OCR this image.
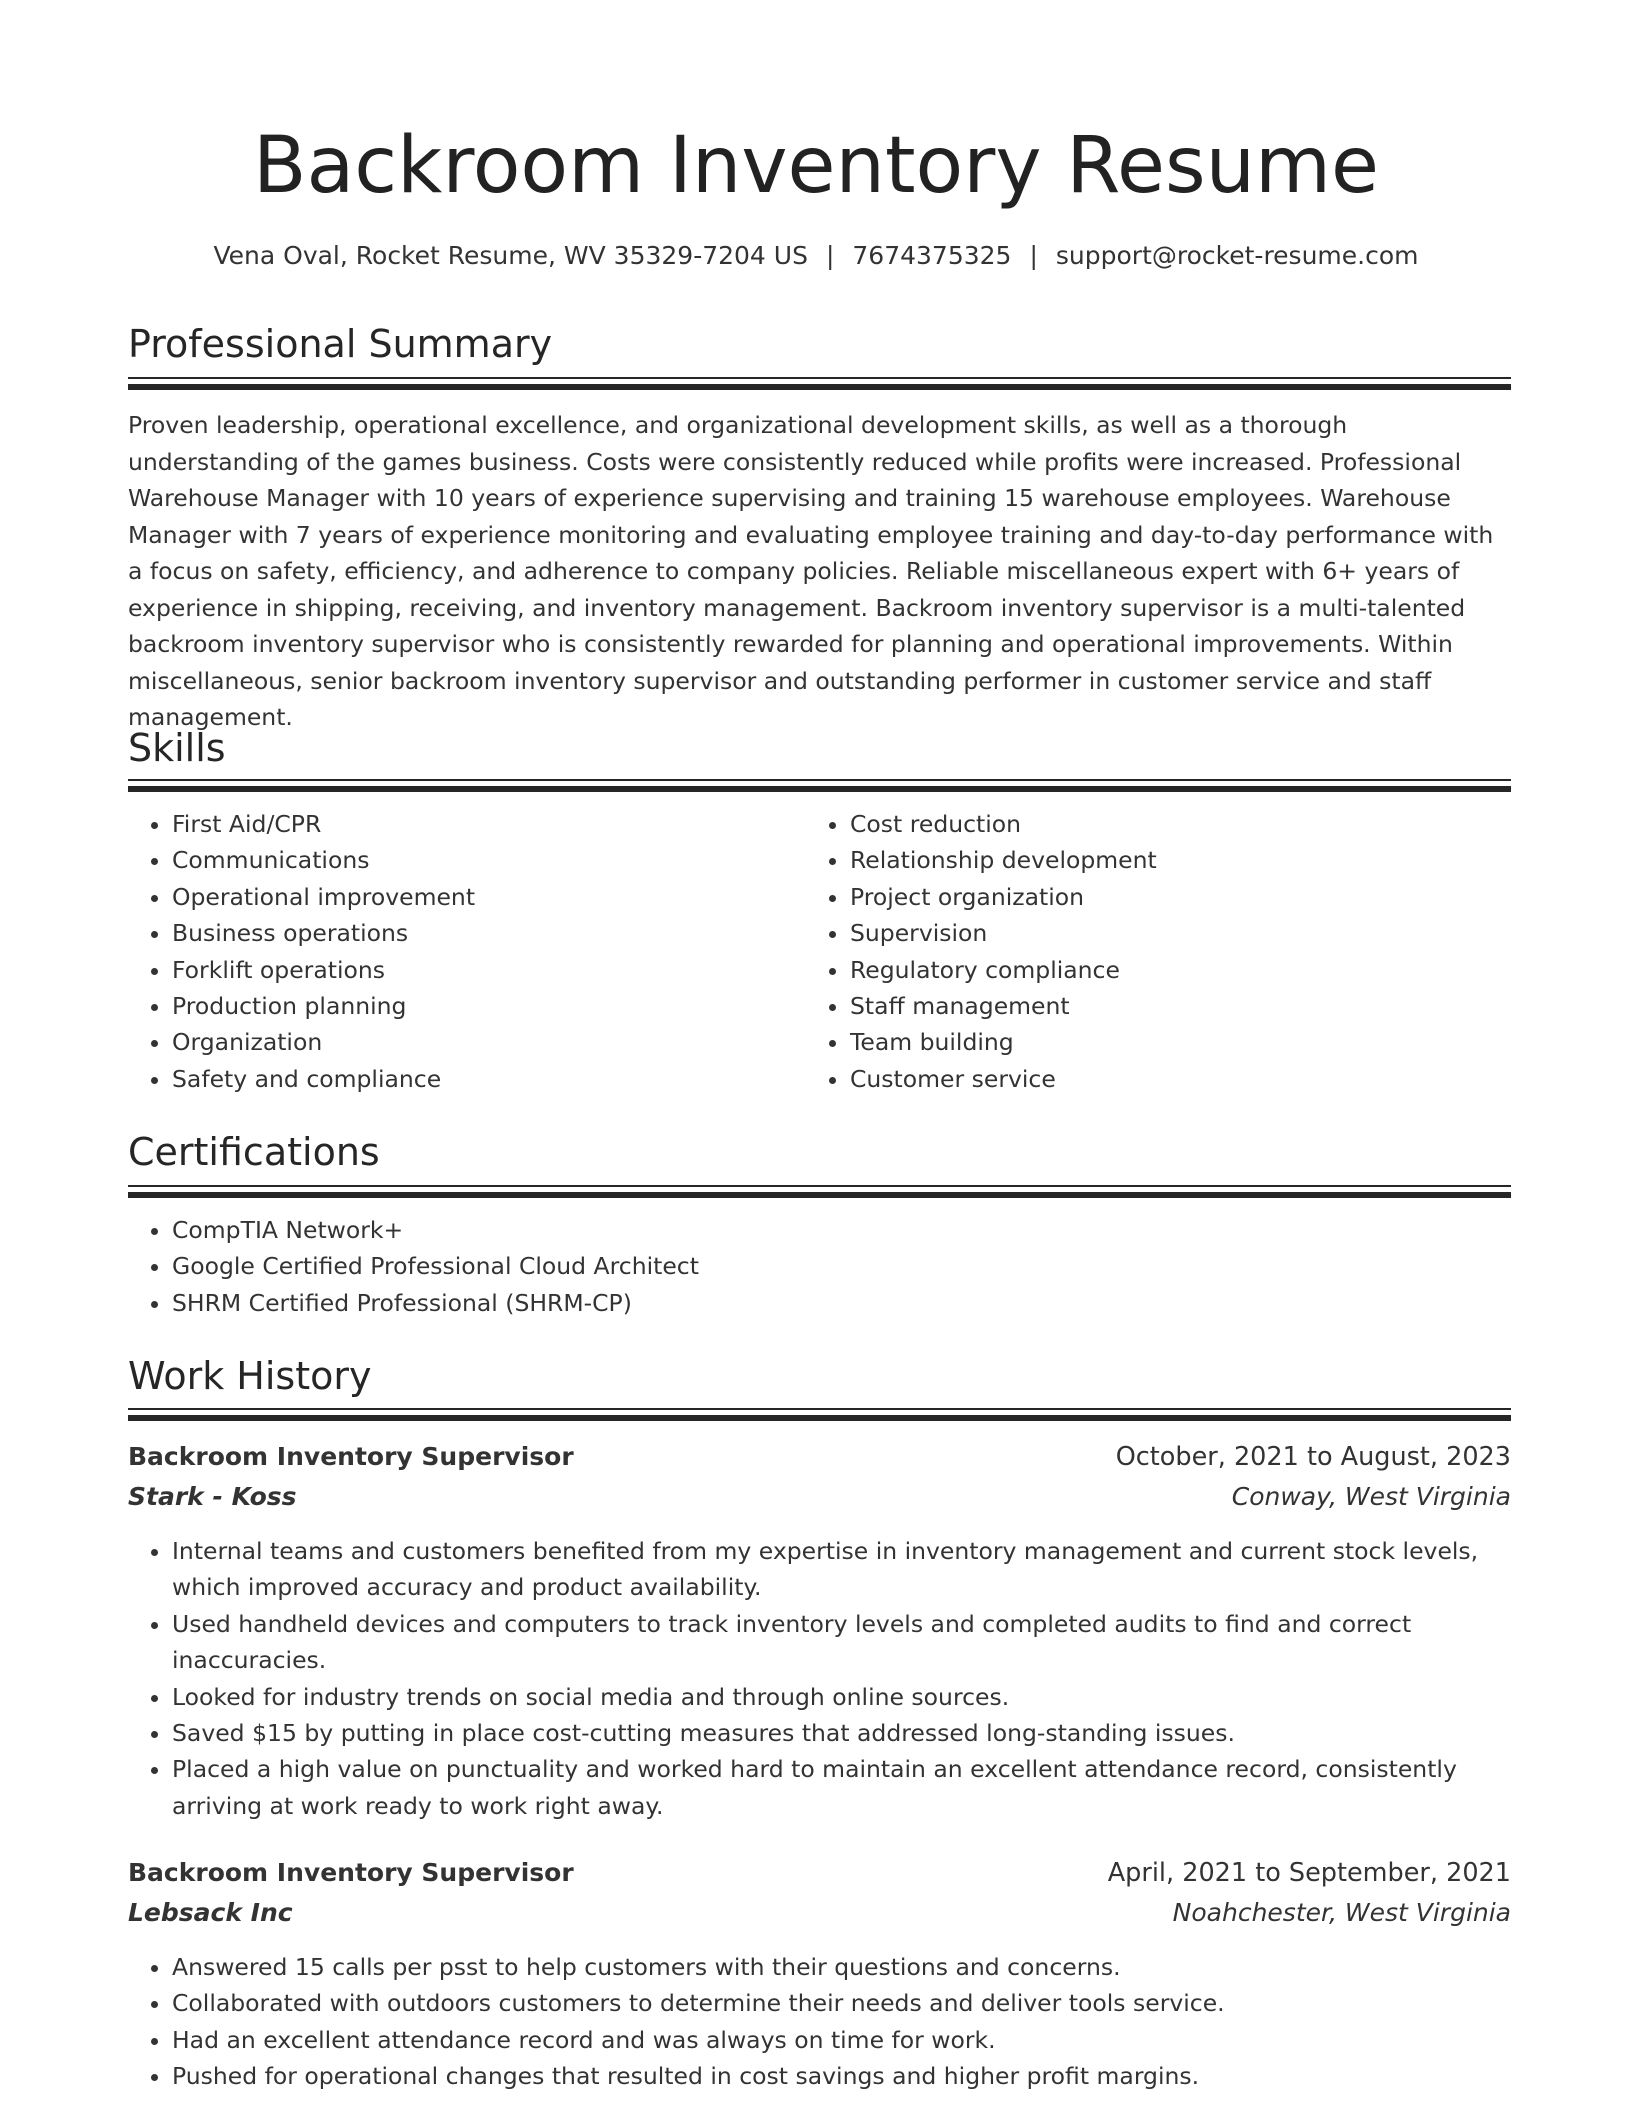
Backroom Inventory Resume
Vena Oval, Rocket Resume, WV 35329-7204 US | 7674375325 | support@rocket-resume.com
Professional Summary
Proven leadership, operational excellence, and organizational development skills, as well as a thorough understanding of the games business. Costs were consistently reduced while profits were increased. Professional Warehouse Manager with 10 years of experience supervising and training 15 warehouse employees. Warehouse Manager with 7 years of experience monitoring and evaluating employee training and day-to-day performance with a focus on safety, efficiency, and adherence to company policies. Reliable miscellaneous expert with 6+ years of experience in shipping, receiving, and inventory management. Backroom inventory supervisor is a multi-talented backroom inventory supervisor who is consistently rewarded for planning and operational improvements. Within miscellaneous, senior backroom inventory supervisor and outstanding performer in customer service and staff management.
Skills
• First Aid/CPR
• Communications
• Operational improvement
• Business operations
• Forklift operations
• Production planning
• Organization
• Safety and compliance
• Cost reduction
• Relationship development
• Project organization
• Supervision
• Regulatory compliance
• Staff management
• Team building
• Customer service
Certifications
• CompTIA Network+
• Google Certified Professional Cloud Architect
• SHRM Certified Professional (SHRM-CP)
Work History
Backroom Inventory Supervisor	October, 2021 to August, 2023
Stark - Koss	Conway, West Virginia
• Internal teams and customers benefited from my expertise in inventory management and current stock levels, which improved accuracy and product availability.
• Used handheld devices and computers to track inventory levels and completed audits to find and correct inaccuracies.
• Looked for industry trends on social media and through online sources.
• Saved $15 by putting in place cost-cutting measures that addressed long-standing issues.
• Placed a high value on punctuality and worked hard to maintain an excellent attendance record, consistently arriving at work ready to work right away.
Backroom Inventory Supervisor	April, 2021 to September, 2021
Lebsack Inc	Noahchester, West Virginia
• Answered 15 calls per psst to help customers with their questions and concerns.
• Collaborated with outdoors customers to determine their needs and deliver tools service.
• Had an excellent attendance record and was always on time for work.
• Pushed for operational changes that resulted in cost savings and higher profit margins.
